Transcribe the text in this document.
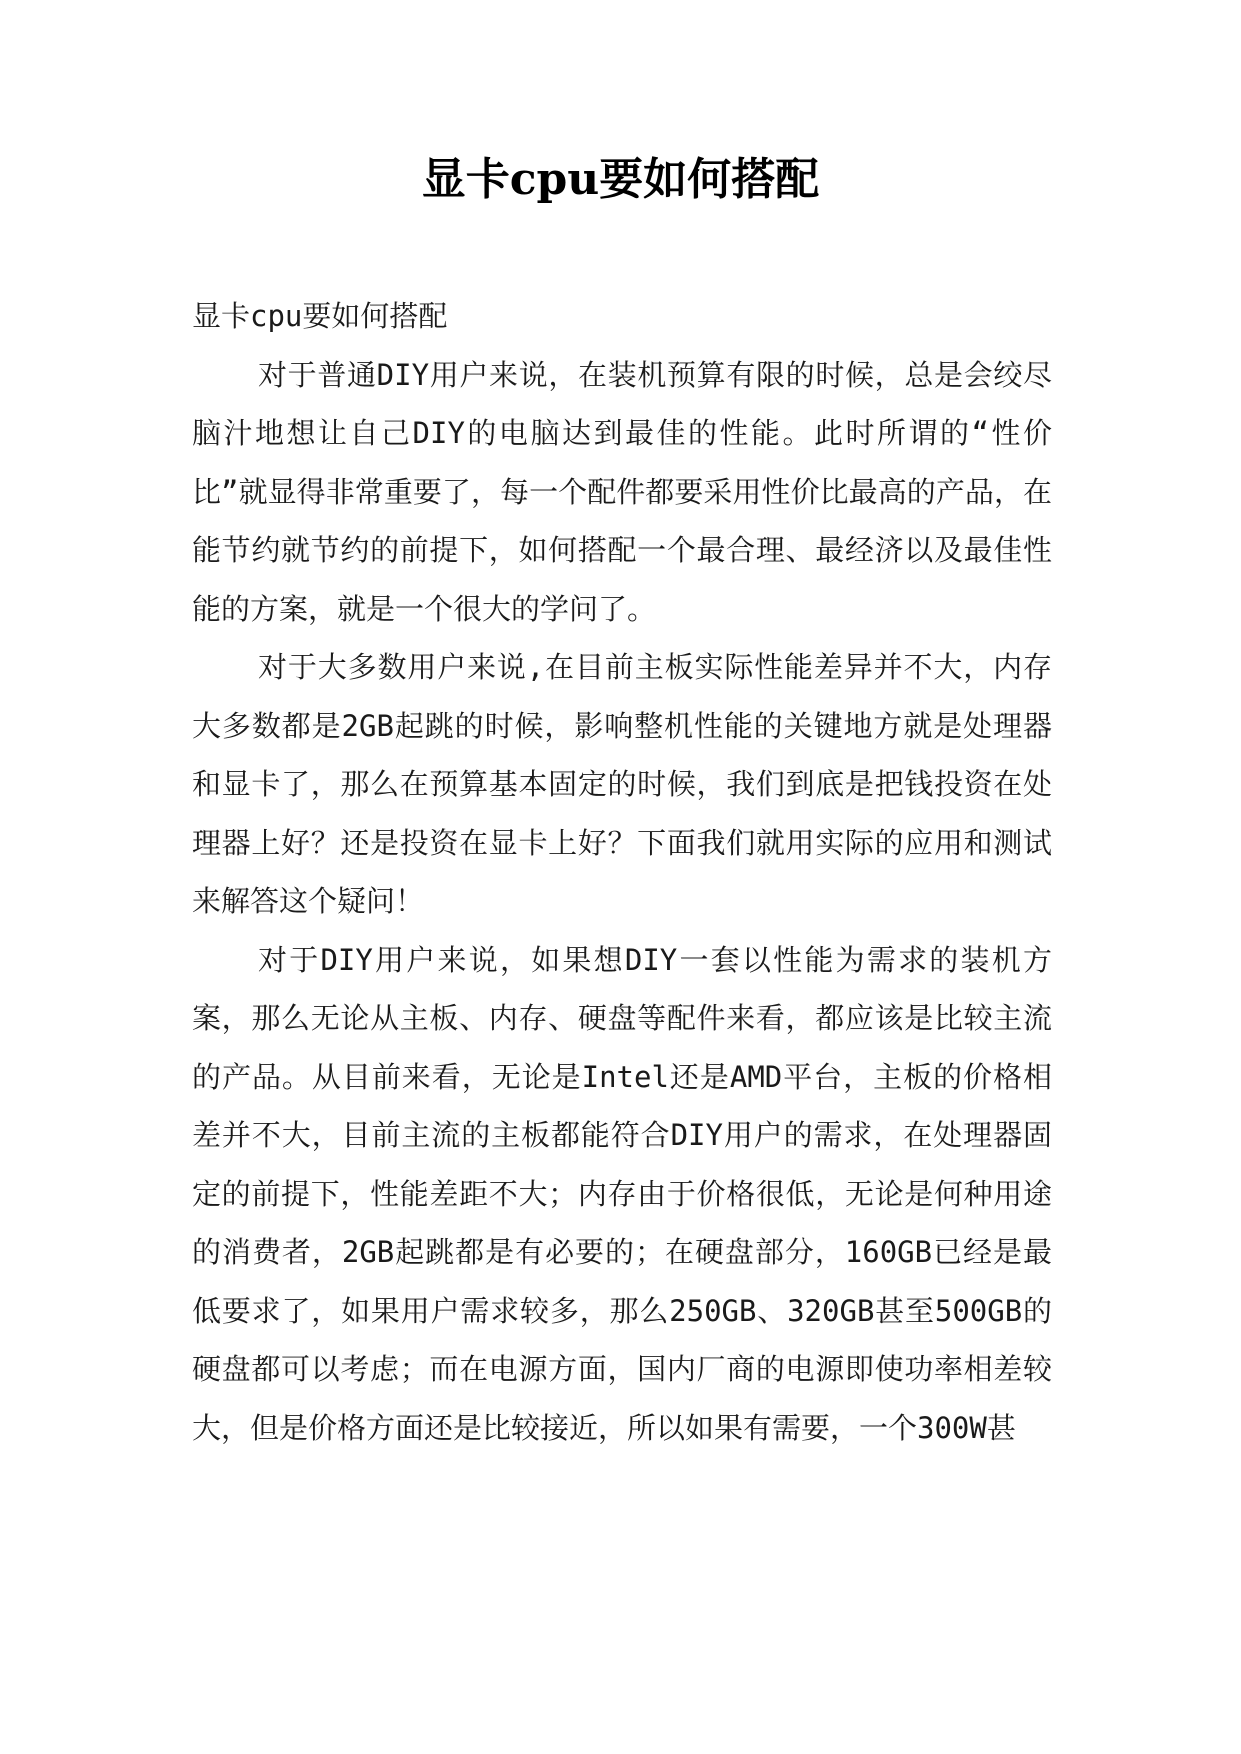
显卡cpu要如何搭配

显卡cpu要如何搭配

对于普通DIY用户来说，在装机预算有限的时候，总是会绞尽脑汁地想让自己DIY的电脑达到最佳的性能。此时所谓的“性价比”就显得非常重要了，每一个配件都要采用性价比最高的产品，在能节约就节约的前提下，如何搭配一个最合理、最经济以及最佳性能的方案，就是一个很大的学问了。

对于大多数用户来说,在目前主板实际性能差异并不大，内存大多数都是2GB起跳的时候，影响整机性能的关键地方就是处理器和显卡了，那么在预算基本固定的时候，我们到底是把钱投资在处理器上好？还是投资在显卡上好？下面我们就用实际的应用和测试来解答这个疑问！

对于DIY用户来说，如果想DIY一套以性能为需求的装机方案，那么无论从主板、内存、硬盘等配件来看，都应该是比较主流的产品。从目前来看，无论是Intel还是AMD平台，主板的价格相差并不大，目前主流的主板都能符合DIY用户的需求，在处理器固定的前提下，性能差距不大；内存由于价格很低，无论是何种用途的消费者，2GB起跳都是有必要的；在硬盘部分，160GB已经是最低要求了，如果用户需求较多，那么250GB、320GB甚至500GB的硬盘都可以考虑；而在电源方面，国内厂商的电源即使功率相差较大，但是价格方面还是比较接近，所以如果有需要，一个300W甚
